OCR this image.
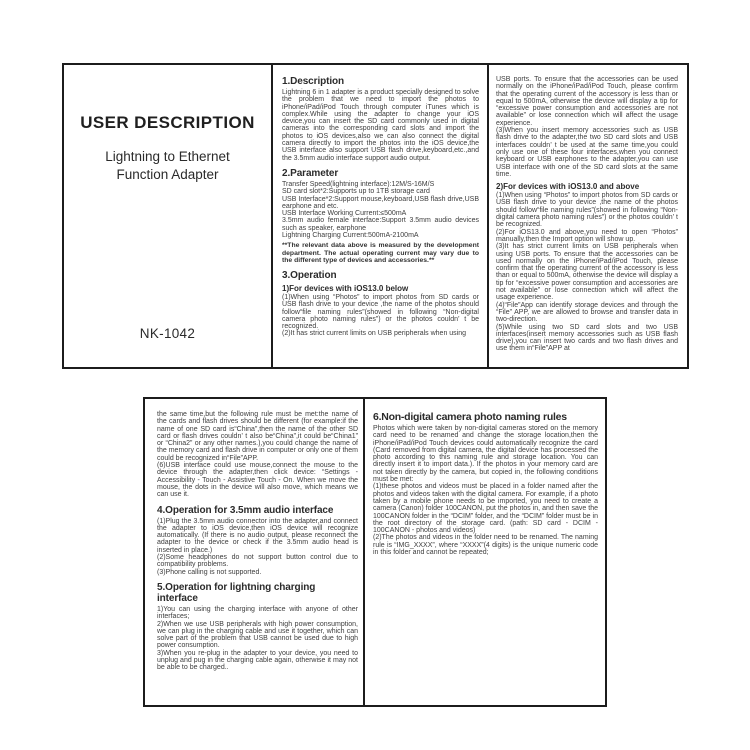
USER DESCRIPTION
Lightning to Ethernet Function Adapter
NK-1042
1.Description

Lightning 6 in 1 adapter is a product specially designed to solve the problem that we need to import the photos to iPhone/iPad/iPod Touch through computer iTunes which is complex.While using the adapter to change your iOS device,you can insert the SD card commonly used in digital cameras into the corresponding card slots and import the photos to iOS devices,also we can also connect the digital camera directly to import the photos into the iOS device,the USB interface also support USB flash drive,keyboard,etc.,and the 3.5mm audio interface support audio output.

2.Parameter

Transfer Speed(lightning interface):12M/S-16M/S

SD card slot*2:Supports up to 1TB storage card

USB Interface*2:Support mouse,keyboard,USB flash drive,USB earphone and etc.

USB Interface Working Current:≤500mA

3.5mm audio female interface:Support 3.5mm audio devices such as speaker, earphone

Lightning Charging Current:500mA-2100mA

**The relevant data above is measured by the development department. The actual operating current may vary due to the different type of devices and accessories.**

3.Operation
1)For devices with iOS13.0 below

(1)When using “Photos” to import photos from SD cards or USB flash drive to your device ,the name of the photos should follow“file naming rules”(showed in following “Non-digital camera photo naming rules”) or the photos couldn’ t be recognized.

(2)It has strict current limits on USB peripherals when using

USB ports. To ensure that the accessories can be used normally on the iPhone/iPad/iPod Touch, please confirm that the operating current of the accessory is less than or equal to 500mA, otherwise the device will display a tip for “excessive power consumption and accessories are not available” or lose connection which will affect the usage experience.

(3)When you insert memory accessories such as USB flash drive to the adapter,the two SD card slots and USB interfaces couldn’ t be used at the same time,you could only use one of these four interfaces,when you connect keyboard or USB earphones to the adapter,you can use USB interface with one of the SD card slots at the same time.

2)For devices with iOS13.0 and above

(1)When using “Photos” to import photos from SD cards or USB flash drive to your device ,the name of the photos should follow“file naming rules”(showed in following “Non-digital camera photo naming rules”) or the photos couldn’ t be recognized.

(2)For iOS13.0 and above,you need to open “Photos” manually,then the Import option will show up.

(3)It has strict current limits on USB peripherals when using USB ports. To ensure that the accessories can be used normally on the iPhone/iPad/iPod Touch, please confirm that the operating current of the accessory is less than or equal to 500mA, otherwise the device will display a tip for “excessive power consumption and accessories are not available” or lose connection which will affect the usage experience.

(4)“File”App can identify storage devices and through the “File” APP, we are allowed to browse and transfer data in two-direction.

(5)While using two SD card slots and two USB interfaces(insert memory accessories such as USB flash drive),you can insert two cards and two flash drives and use them in“File”APP at

the same time,but the following rule must be met:the name of the cards and flash drives should be different (for example:if the name of one SD card is“China”,then the name of the other SD card or flash drives couldn’ t also be“China”,it could be“China1” or “China2” or any other names.),you could change the name of the memory card and flash drive in computer or only one of them could be recognized in“File”APP.

(6)USB interface could use mouse,connect the mouse to the device through the adapter,then click device: “Settings - Accessibility - Touch - Assistive Touch - On. When we move the mouse, the dots in the device will also move, which means we can use it.

4.Operation for 3.5mm audio interface

(1)Plug the 3.5mm audio connector into the adapter,and connect the adapter to iOS device,then iOS device will recognize automatically. (If there is no audio output, please reconnect the adapter to the device or check if the 3.5mm audio head is inserted in place.)

(2)Some headphones do not support button control due to compatibility problems.

(3)Phone calling is not supported.

5.Operation for lightning charging interface

1)You can using the charging interface with anyone of other interfaces;

2)When we use USB peripherals with high power consumption, we can plug in the charging cable and use it together, which can solve part of the problem that USB cannot be used due to high power consumption.

3)When you re-plug in the adapter to your device, you need to unplug and pug in the charging cable again, otherwise it may not be able to be charged..

6.Non-digital camera photo naming rules

Photos which were taken by non-digital cameras stored on the memory card need to be renamed and change the storage location,then the iPhone/iPad/iPod Touch devices could automatically recognize the card (Card removed from digital camera, the digital device has processed the photo according to this naming rule and storage location. You can directly insert it to import data.). If the photos in your memory card are not taken directly by the camera, but copied in, the following conditions must be met:

(1)these photos and videos must be placed in a folder named after the photos and videos taken with the digital camera. For example, if a photo taken by a mobile phone needs to be imported, you need to create a camera (Canon) folder 100CANON, put the photos in, and then save the 100CANON folder in the “DCIM” folder, and the “DCIM” folder must be in the root directory of the storage card. (path: SD card - DCIM - 100CANON - photos and videos)

(2)The photos and videos in the folder need to be renamed. The naming rule is “IMG_XXXX”, where “XXXX”(4 digits) is the unique numeric code in this folder and cannot be repeated;
